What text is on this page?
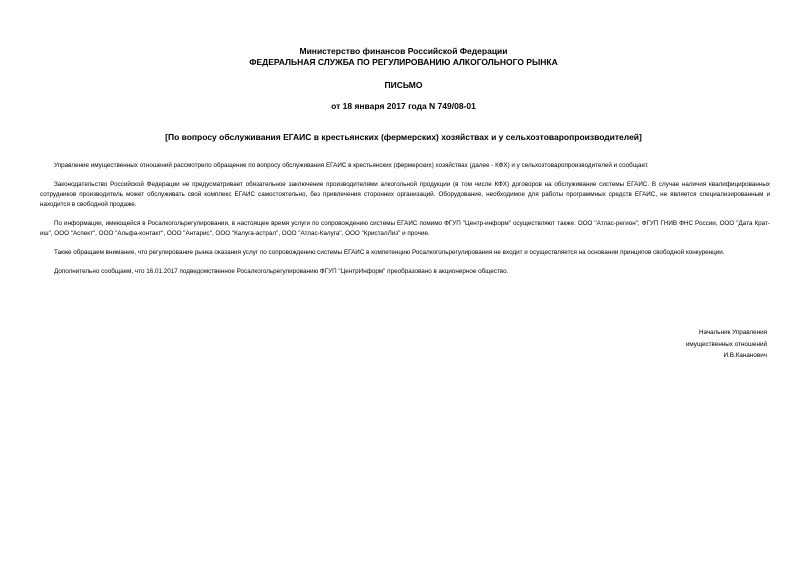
Министерство финансов Российской Федерации
ФЕДЕРАЛЬНАЯ СЛУЖБА ПО РЕГУЛИРОВАНИЮ АЛКОГОЛЬНОГО РЫНКА
ПИСЬМО
от 18 января 2017 года N 749/08-01
[По вопросу обслуживания ЕГАИС в крестьянских (фермерских) хозяйствах и у сельхозтоваропроизводителей]

Управление имущественных отношений рассмотрело обращение по вопросу обслуживания ЕГАИС в крестьянских (фермерских) хозяйствах (далее - КФХ) и у сельхозтоваропроизводителей и сообщает.

Законодательство Российской Федерации не предусматривает обязательное заключение производителями алкогольной продукции (в том числе КФХ) договоров на обслуживание системы ЕГАИС. В случае наличия квалифицированных сотрудников производитель может обслуживать свой комплекс ЕГАИС самостоятельно, без привлечения сторонних организаций. Оборудование, необходимое для работы программных средств ЕГАИС, не является специализированным и находится в свободной продаже.

По информации, имеющейся в Росалкогольрегулировании, в настоящее время услуги по сопровождению системы ЕГАИС помимо ФГУП "Центр-информ" осуществляют также: ООО "Атлас-регион", ФГУП ГНИВ ФНС России, ООО "Дата Крат-иш", ООО "Аспект", ООО "Альфа-контакт", ООО "Антарис", ООО "Калуга-астрал", ООО "Атлас-Калуга", ООО "КристалЛиз" и прочие.

Также обращаем внимание, что регулирование рынка оказания услуг по сопровождению системы ЕГАИС в компетенцию Росалкогольрегулирования не входит и осуществляется на основании принципов свободной конкуренции.

Дополнительно сообщаем, что 16.01.2017 подведомственное Росалкогольрегулированию ФГУП "ЦентрИнформ" преобразовано в акционерное общество.

Начальник Управления
имущественных отношений
И.В.Кананович
